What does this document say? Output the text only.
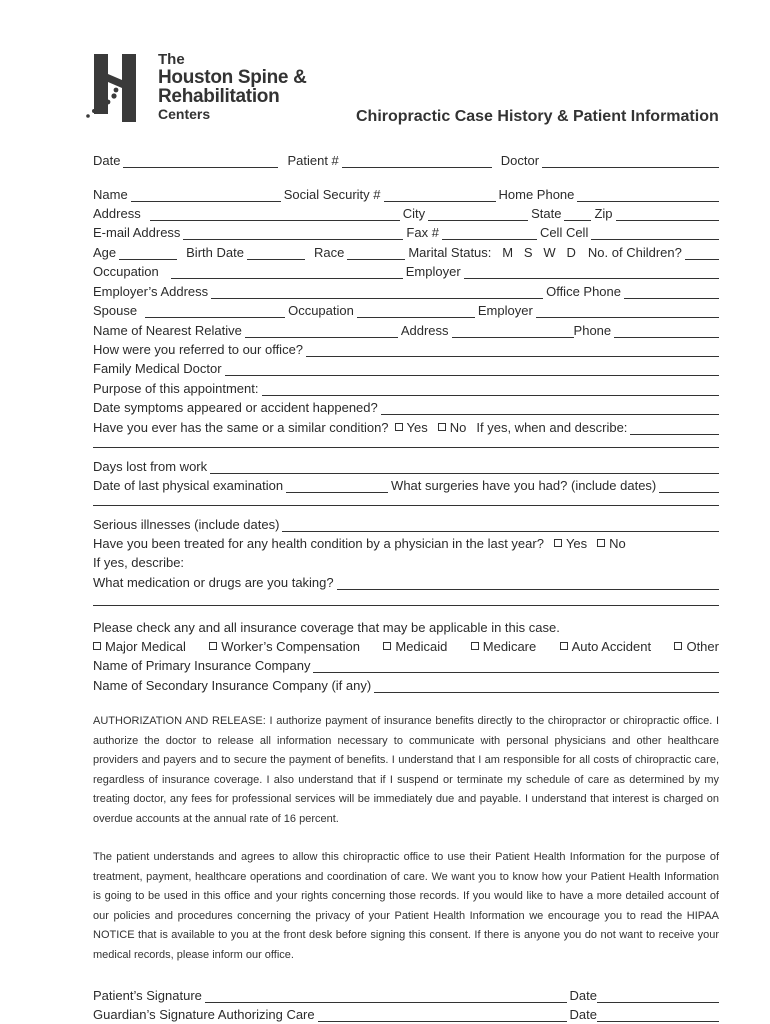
The
Houston Spine &
Rehabilitation
Centers	Chiropractic Case History & Patient Information
Date	Patient #	Doctor
Name	Social Security #	Home Phone
Address	City	State	Zip
E-mail Address	Fax #	Cell Cell
Age	Birth Date	Race	Marital Status:   M   S   W   D No. of Children?
Occupation	Employer
Employer’s Address	Office Phone
Spouse	Occupation	Employer
Name of Nearest Relative	Address	Phone
How were you referred to our office?
Family Medical Doctor
Purpose of this appointment:
Date symptoms appeared or accident happened?
Have you ever has the same or a similar condition? Yes No If yes, when and describe:
Days lost from work
Date of last physical examination	What surgeries have you had? (include dates)
Serious illnesses (include dates)
Have you been treated for any health condition by a physician in the last year? Yes No
If yes, describe:
What medication or drugs are you taking?
Please check any and all insurance coverage that may be applicable in this case.
Major Medical	Worker’s Compensation	Medicaid	Medicare	Auto Accident	Other
Name of Primary Insurance Company
Name of Secondary Insurance Company (if any)
AUTHORIZATION AND RELEASE: I authorize payment of insurance benefits directly to the chiropractor or chiropractic office. I authorize the doctor to release all information necessary to communicate with personal physicians and other healthcare providers and payers and to secure the payment of benefits. I understand that I am responsible for all costs of chiropractic care, regardless of insurance coverage. I also understand that if I suspend or terminate my schedule of care as determined by my treating doctor, any fees for professional services will be immediately due and payable. I understand that interest is charged on overdue accounts at the annual rate of 16 percent.
The patient understands and agrees to allow this chiropractic office to use their Patient Health Information for the purpose of treatment, payment, healthcare operations and coordination of care. We want you to know how your Patient Health Information is going to be used in this office and your rights concerning those records. If you would like to have a more detailed account of our policies and procedures concerning the privacy of your Patient Health Information we encourage you to read the HIPAA NOTICE that is available to you at the front desk before signing this consent. If there is anyone you do not want to receive your medical records, please inform our office.
Patient’s Signature	Date
Guardian’s Signature Authorizing Care	Date
